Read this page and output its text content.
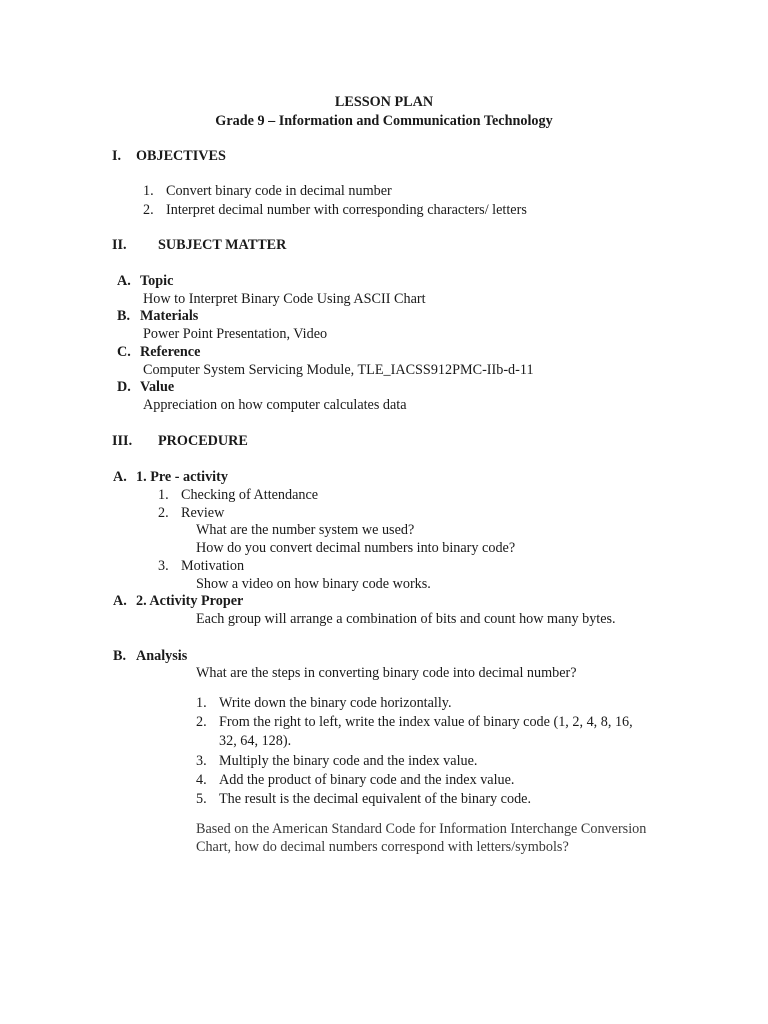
LESSON PLAN
Grade 9 – Information and Communication Technology
I. OBJECTIVES
1. Convert binary code in decimal number
2. Interpret decimal number with corresponding characters/ letters
II. SUBJECT MATTER
A. Topic
How to Interpret Binary Code Using ASCII Chart
B. Materials
Power Point Presentation, Video
C. Reference
Computer System Servicing Module, TLE_IACSS912PMC-IIb-d-11
D. Value
Appreciation on how computer calculates data
III. PROCEDURE
A. 1. Pre - activity
1. Checking of Attendance
2. Review
What are the number system we used?
How do you convert decimal numbers into binary code?
3. Motivation
Show a video on how binary code works.
A. 2. Activity Proper
Each group will arrange a combination of bits and count how many bytes.
B. Analysis
What are the steps in converting binary code into decimal number?
1. Write down the binary code horizontally.
2. From the right to left, write the index value of binary code (1, 2, 4, 8, 16,
32, 64, 128).
3. Multiply the binary code and the index value.
4. Add the product of binary code and the index value.
5. The result is the decimal equivalent of the binary code.
Based on the American Standard Code for Information Interchange Conversion
Chart, how do decimal numbers correspond with letters/symbols?
